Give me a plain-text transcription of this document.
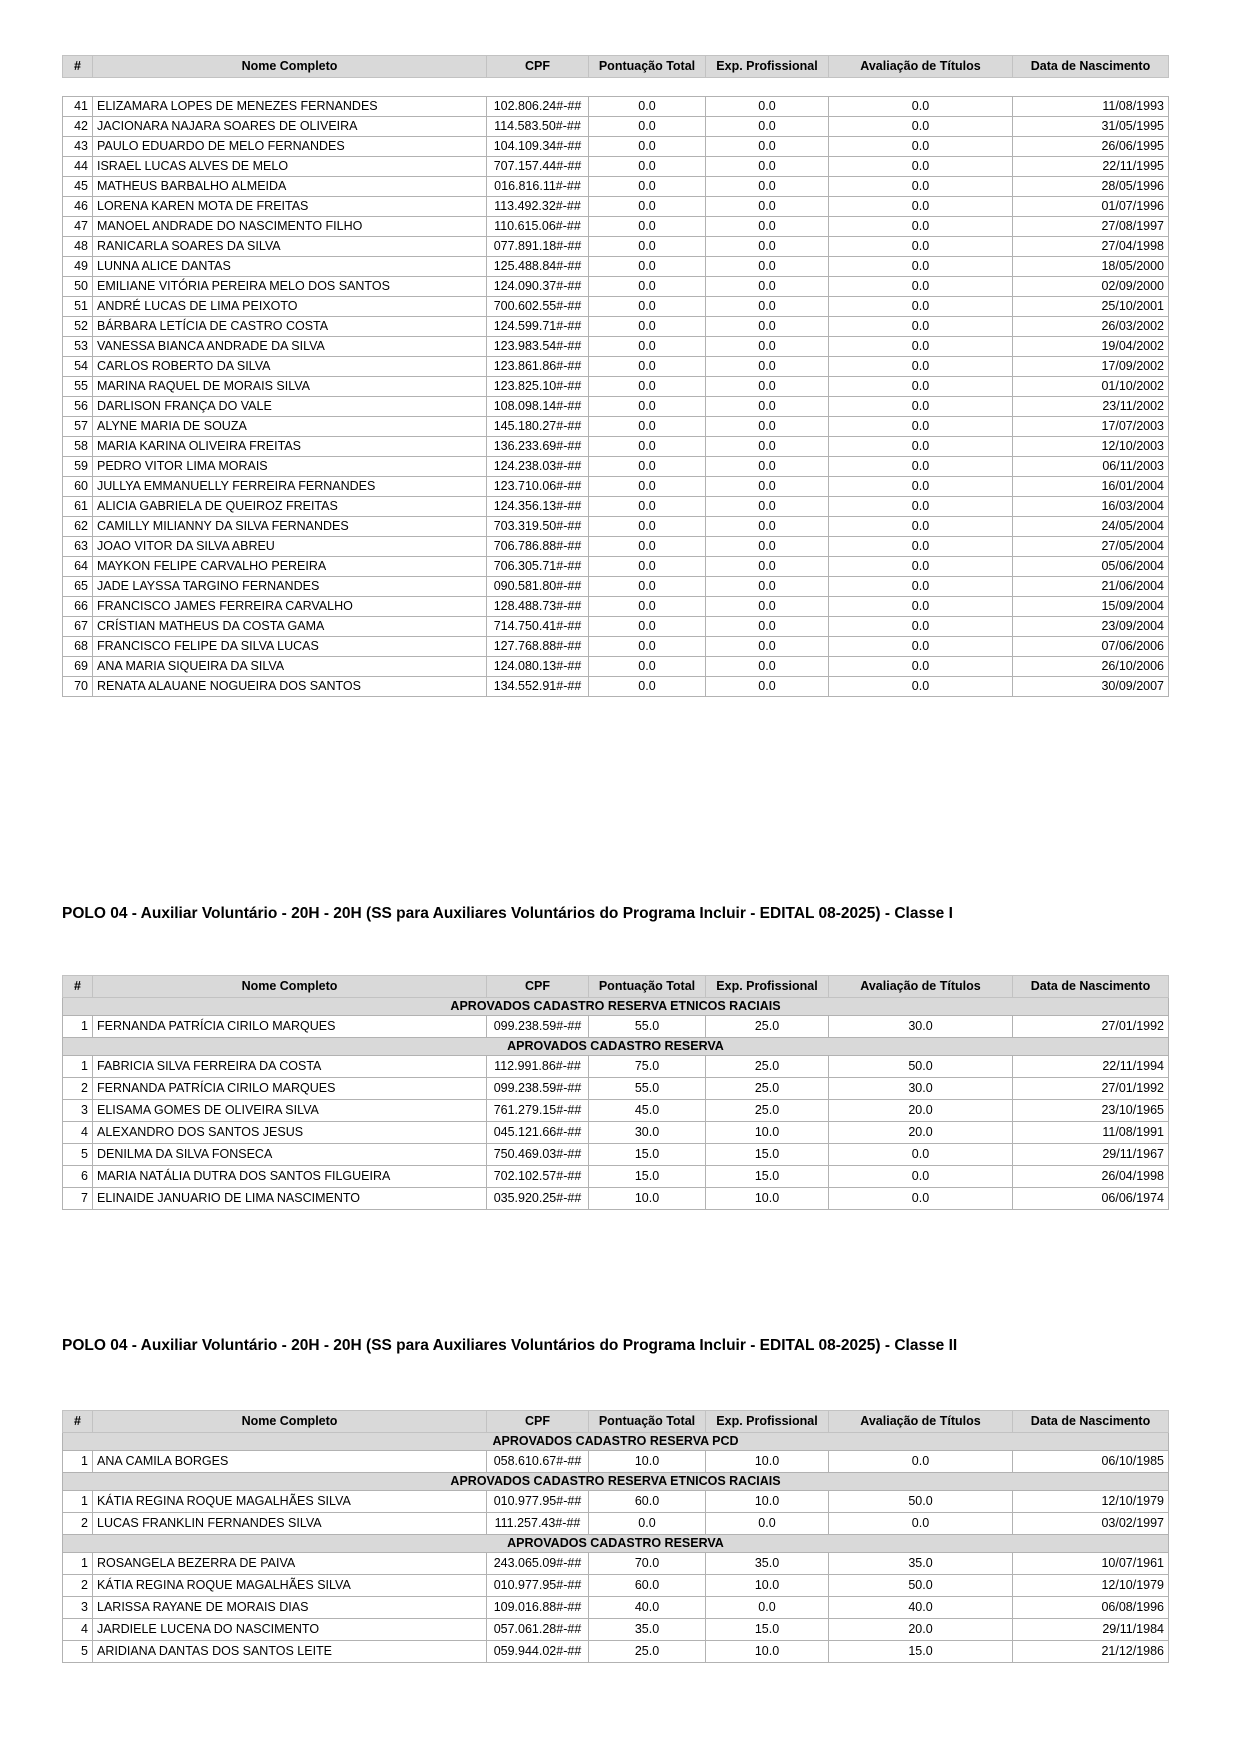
#	Nome Completo	CPF	Pontuação Total	Exp. Profissional	Avaliação de Títulos	Data de Nascimento
41	ELIZAMARA LOPES DE MENEZES FERNANDES	102.806.24#-##	0.0	0.0	0.0	11/08/1993
42	JACIONARA NAJARA SOARES DE OLIVEIRA	114.583.50#-##	0.0	0.0	0.0	31/05/1995
43	PAULO EDUARDO DE MELO FERNANDES	104.109.34#-##	0.0	0.0	0.0	26/06/1995
44	ISRAEL LUCAS ALVES DE MELO	707.157.44#-##	0.0	0.0	0.0	22/11/1995
45	MATHEUS BARBALHO ALMEIDA	016.816.11#-##	0.0	0.0	0.0	28/05/1996
46	LORENA KAREN MOTA DE FREITAS	113.492.32#-##	0.0	0.0	0.0	01/07/1996
47	MANOEL ANDRADE DO NASCIMENTO FILHO	110.615.06#-##	0.0	0.0	0.0	27/08/1997
48	RANICARLA SOARES DA SILVA	077.891.18#-##	0.0	0.0	0.0	27/04/1998
49	LUNNA ALICE DANTAS	125.488.84#-##	0.0	0.0	0.0	18/05/2000
50	EMILIANE VITÓRIA PEREIRA MELO DOS SANTOS	124.090.37#-##	0.0	0.0	0.0	02/09/2000
51	ANDRÉ LUCAS DE LIMA PEIXOTO	700.602.55#-##	0.0	0.0	0.0	25/10/2001
52	BÁRBARA LETÍCIA DE CASTRO COSTA	124.599.71#-##	0.0	0.0	0.0	26/03/2002
53	VANESSA BIANCA ANDRADE DA SILVA	123.983.54#-##	0.0	0.0	0.0	19/04/2002
54	CARLOS ROBERTO DA SILVA	123.861.86#-##	0.0	0.0	0.0	17/09/2002
55	MARINA RAQUEL DE MORAIS SILVA	123.825.10#-##	0.0	0.0	0.0	01/10/2002
56	DARLISON FRANÇA DO VALE	108.098.14#-##	0.0	0.0	0.0	23/11/2002
57	ALYNE MARIA DE SOUZA	145.180.27#-##	0.0	0.0	0.0	17/07/2003
58	MARIA KARINA OLIVEIRA FREITAS	136.233.69#-##	0.0	0.0	0.0	12/10/2003
59	PEDRO VITOR LIMA MORAIS	124.238.03#-##	0.0	0.0	0.0	06/11/2003
60	JULLYA EMMANUELLY FERREIRA FERNANDES	123.710.06#-##	0.0	0.0	0.0	16/01/2004
61	ALICIA GABRIELA DE QUEIROZ FREITAS	124.356.13#-##	0.0	0.0	0.0	16/03/2004
62	CAMILLY MILIANNY DA SILVA FERNANDES	703.319.50#-##	0.0	0.0	0.0	24/05/2004
63	JOAO VITOR DA SILVA ABREU	706.786.88#-##	0.0	0.0	0.0	27/05/2004
64	MAYKON FELIPE CARVALHO PEREIRA	706.305.71#-##	0.0	0.0	0.0	05/06/2004
65	JADE LAYSSA TARGINO FERNANDES	090.581.80#-##	0.0	0.0	0.0	21/06/2004
66	FRANCISCO JAMES FERREIRA CARVALHO	128.488.73#-##	0.0	0.0	0.0	15/09/2004
67	CRÍSTIAN MATHEUS DA COSTA GAMA	714.750.41#-##	0.0	0.0	0.0	23/09/2004
68	FRANCISCO FELIPE DA SILVA LUCAS	127.768.88#-##	0.0	0.0	0.0	07/06/2006
69	ANA MARIA SIQUEIRA DA SILVA	124.080.13#-##	0.0	0.0	0.0	26/10/2006
70	RENATA ALAUANE NOGUEIRA DOS SANTOS	134.552.91#-##	0.0	0.0	0.0	30/09/2007
POLO 04 - Auxiliar Voluntário - 20H - 20H (SS para Auxiliares Voluntários do Programa Incluir - EDITAL 08-2025) - Classe I
#	Nome Completo	CPF	Pontuação Total	Exp. Profissional	Avaliação de Títulos	Data de Nascimento
APROVADOS CADASTRO RESERVA ETNICOS RACIAIS						
1	FERNANDA PATRÍCIA CIRILO MARQUES	099.238.59#-##	55.0	25.0	30.0	27/01/1992
APROVADOS CADASTRO RESERVA						
1	FABRICIA SILVA FERREIRA DA COSTA	112.991.86#-##	75.0	25.0	50.0	22/11/1994
2	FERNANDA PATRÍCIA CIRILO MARQUES	099.238.59#-##	55.0	25.0	30.0	27/01/1992
3	ELISAMA GOMES DE OLIVEIRA SILVA	761.279.15#-##	45.0	25.0	20.0	23/10/1965
4	ALEXANDRO DOS SANTOS JESUS	045.121.66#-##	30.0	10.0	20.0	11/08/1991
5	DENILMA DA SILVA FONSECA	750.469.03#-##	15.0	15.0	0.0	29/11/1967
6	MARIA NATÁLIA DUTRA DOS SANTOS FILGUEIRA	702.102.57#-##	15.0	15.0	0.0	26/04/1998
7	ELINAIDE JANUARIO DE LIMA NASCIMENTO	035.920.25#-##	10.0	10.0	0.0	06/06/1974
POLO 04 - Auxiliar Voluntário - 20H - 20H (SS para Auxiliares Voluntários do Programa Incluir - EDITAL 08-2025) - Classe II
#	Nome Completo	CPF	Pontuação Total	Exp. Profissional	Avaliação de Títulos	Data de Nascimento
APROVADOS CADASTRO RESERVA PCD						
1	ANA CAMILA BORGES	058.610.67#-##	10.0	10.0	0.0	06/10/1985
APROVADOS CADASTRO RESERVA ETNICOS RACIAIS						
1	KÁTIA REGINA ROQUE MAGALHÃES SILVA	010.977.95#-##	60.0	10.0	50.0	12/10/1979
2	LUCAS FRANKLIN FERNANDES SILVA	111.257.43#-##	0.0	0.0	0.0	03/02/1997
APROVADOS CADASTRO RESERVA						
1	ROSANGELA BEZERRA DE PAIVA	243.065.09#-##	70.0	35.0	35.0	10/07/1961
2	KÁTIA REGINA ROQUE MAGALHÃES SILVA	010.977.95#-##	60.0	10.0	50.0	12/10/1979
3	LARISSA RAYANE DE MORAIS DIAS	109.016.88#-##	40.0	0.0	40.0	06/08/1996
4	JARDIELE LUCENA DO NASCIMENTO	057.061.28#-##	35.0	15.0	20.0	29/11/1984
5	ARIDIANA DANTAS DOS SANTOS LEITE	059.944.02#-##	25.0	10.0	15.0	21/12/1986
